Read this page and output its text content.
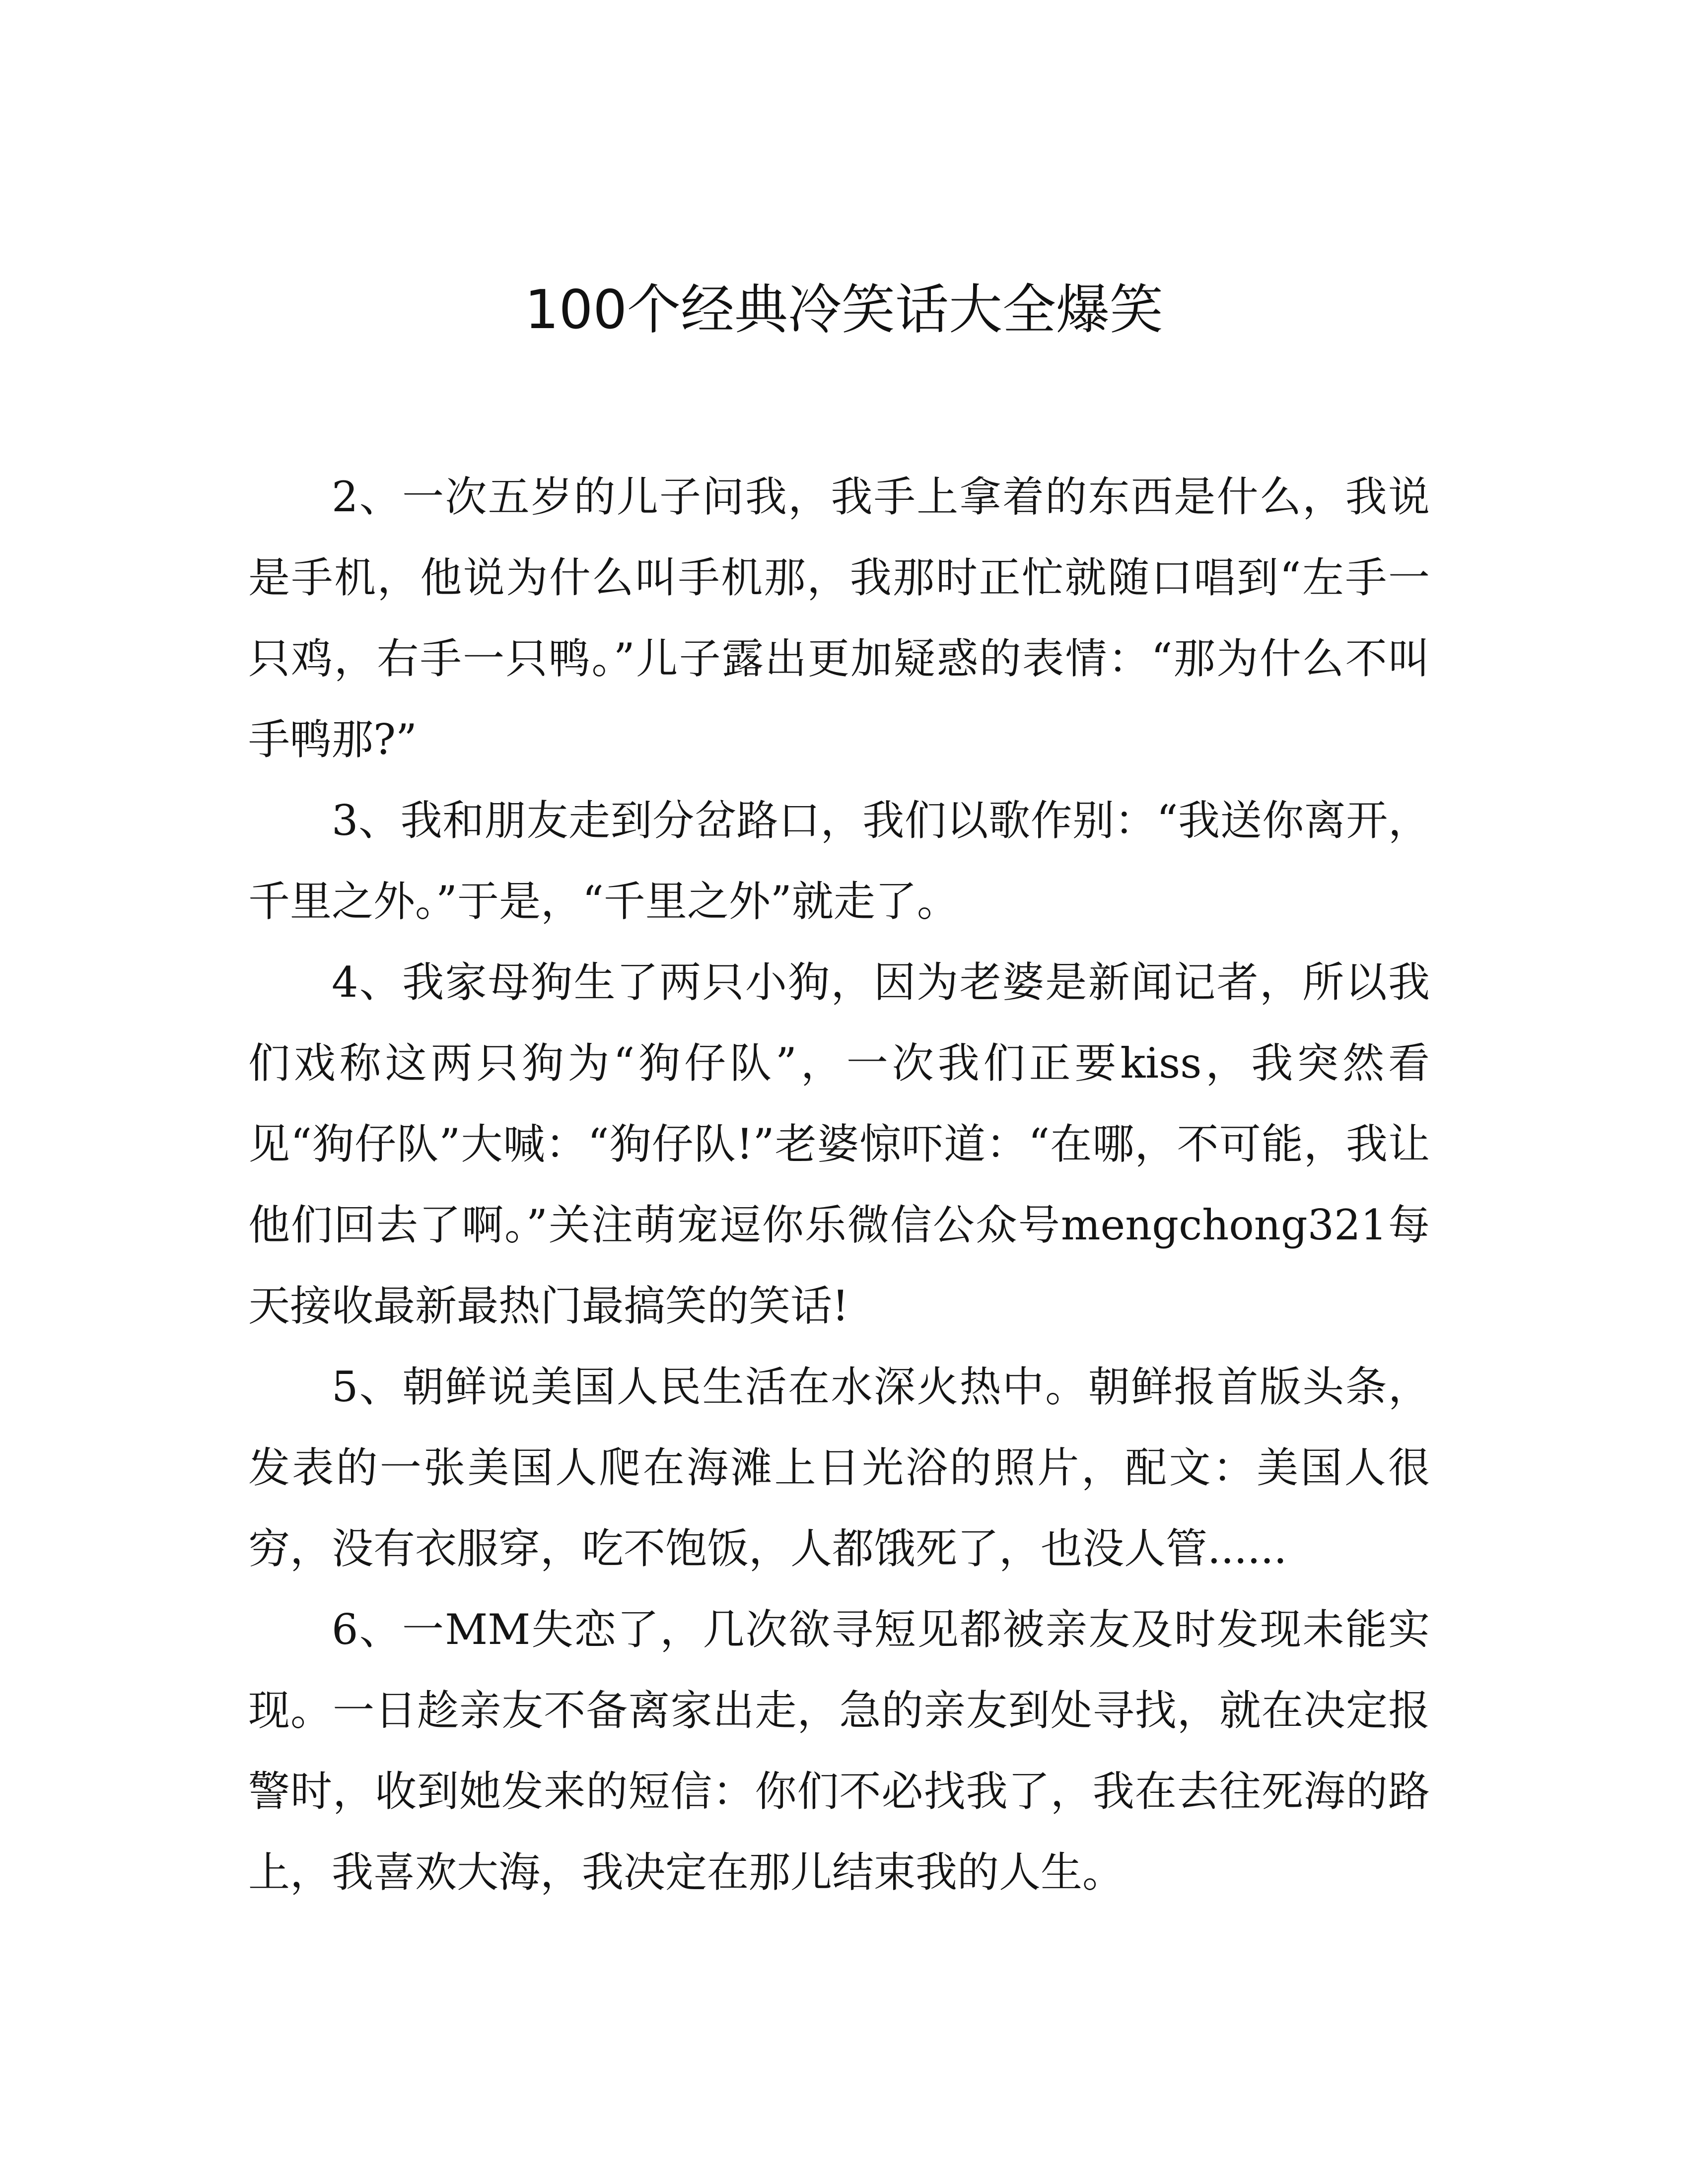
100个经典冷笑话大全爆笑

2、一次五岁的儿子问我，我手上拿着的东西是什么，我说是手机，他说为什么叫手机那，我那时正忙就随口唱到“左手一只鸡，右手一只鸭。”儿子露出更加疑惑的表情：“那为什么不叫手鸭那?”

3、我和朋友走到分岔路口，我们以歌作别：“我送你离开，千里之外。”于是，“千里之外”就走了。

4、我家母狗生了两只小狗，因为老婆是新闻记者，所以我们戏称这两只狗为“狗仔队”，一次我们正要kiss，我突然看见“狗仔队”大喊：“狗仔队!”老婆惊吓道：“在哪，不可能，我让他们回去了啊。”关注萌宠逗你乐微信公众号mengchong321每天接收最新最热门最搞笑的笑话!

5、朝鲜说美国人民生活在水深火热中。朝鲜报首版头条，发表的一张美国人爬在海滩上日光浴的照片，配文：美国人很穷，没有衣服穿，吃不饱饭，人都饿死了，也没人管......

6、一MM失恋了，几次欲寻短见都被亲友及时发现未能实现。一日趁亲友不备离家出走，急的亲友到处寻找，就在决定报警时，收到她发来的短信：你们不必找我了，我在去往死海的路上，我喜欢大海，我决定在那儿结束我的人生。
